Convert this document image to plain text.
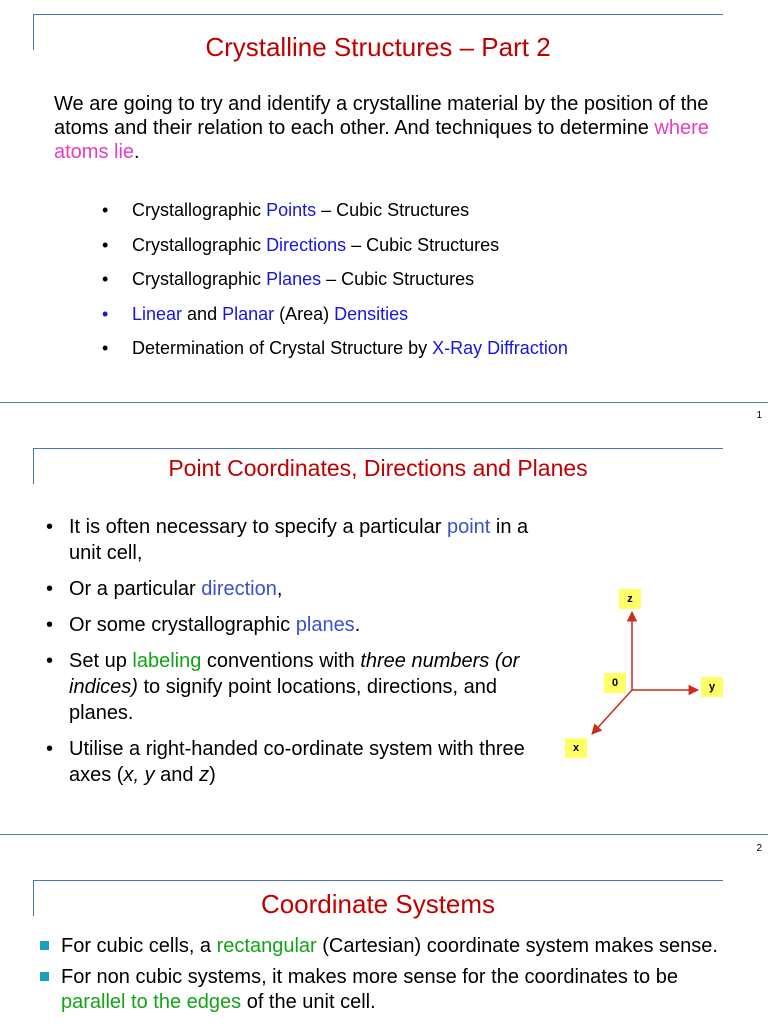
Crystalline Structures – Part 2

We are going to try and identify a crystalline material by the position of the atoms and their relation to each other. And techniques to determine where atoms lie.

• Crystallographic Points – Cubic Structures
• Crystallographic Directions – Cubic Structures
• Crystallographic Planes – Cubic Structures
• Linear and Planar (Area) Densities
• Determination of Crystal Structure by X-Ray Diffraction
1
Point Coordinates, Directions and Planes
• It is often necessary to specify a particular point in a unit cell,
• Or a particular direction,
• Or some crystallographic planes.
• Set up labeling conventions with three numbers (or indices) to signify point locations, directions, and planes.
• Utilise a right-handed co-ordinate system with three axes (x, y and z)
z
0	y
x
2
Coordinate Systems
For cubic cells, a rectangular (Cartesian) coordinate system makes sense.
For non cubic systems, it makes more sense for the coordinates to be parallel to the edges of the unit cell.
